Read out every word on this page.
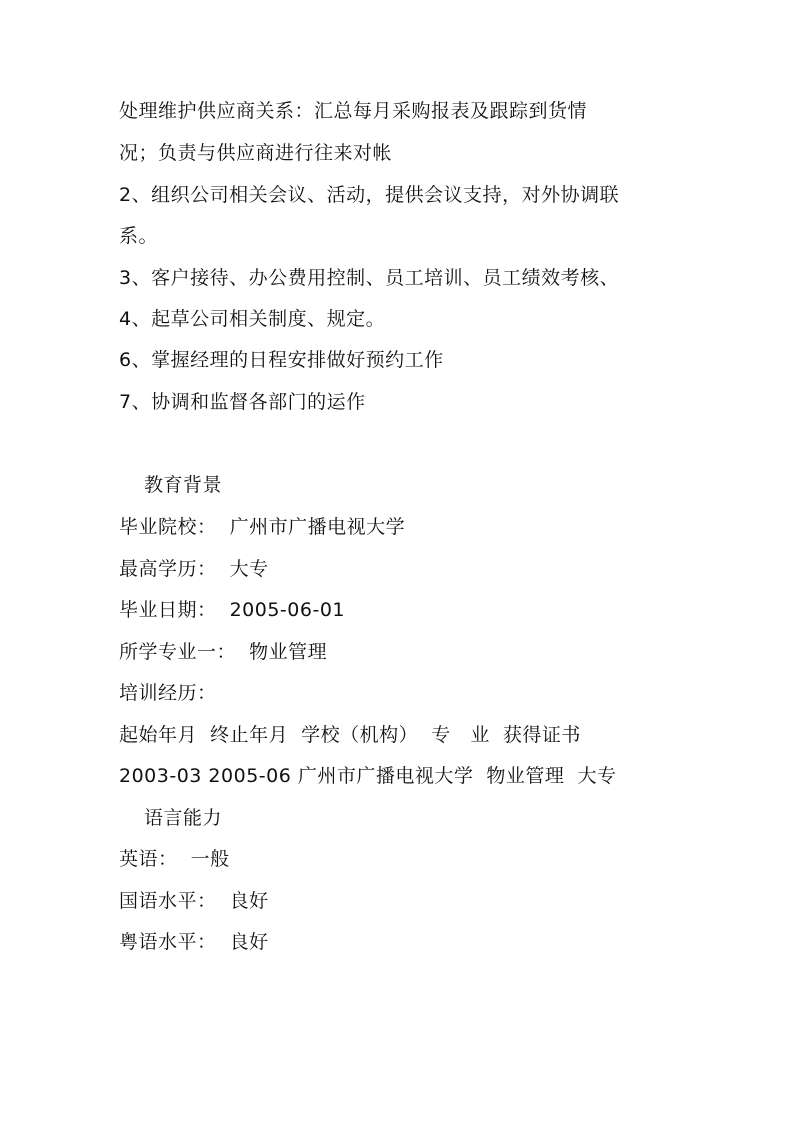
处理维护供应商关系：汇总每月采购报表及跟踪到货情
况；负责与供应商进行往来对帐
2、组织公司相关会议、活动，提供会议支持，对外协调联
系。
3、客户接待、办公费用控制、员工培训、员工绩效考核、
4、起草公司相关制度、规定。
6、掌握经理的日程安排做好预约工作
7、协调和监督各部门的运作
教育背景
毕业院校：  广州市广播电视大学
最高学历：  大专
毕业日期：  2005-06-01
所学专业一：  物业管理
培训经历：
起始年月  终止年月  学校（机构）  专   业  获得证书
2003-03 2005-06 广州市广播电视大学  物业管理  大专
语言能力
英语：  一般
国语水平：  良好
粤语水平：  良好
